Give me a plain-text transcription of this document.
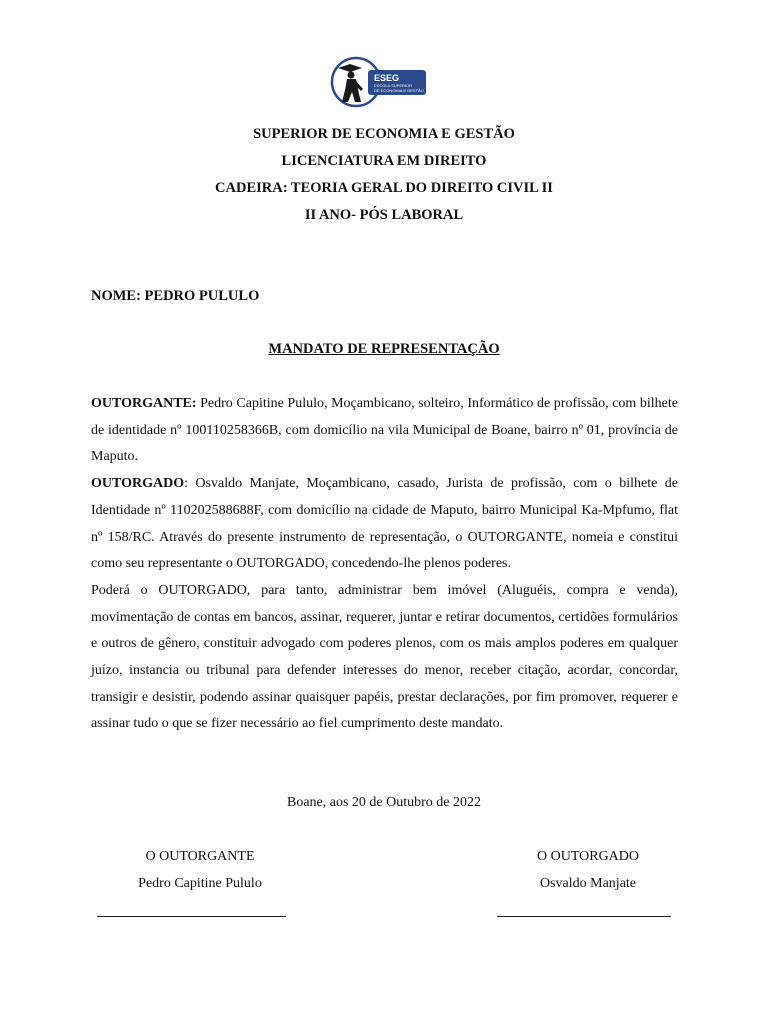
ESEG
ESCOLA SUPERIOR
DE ECONOMIA E GESTÃO
SUPERIOR DE ECONOMIA E GESTÃO
LICENCIATURA EM DIREITO
CADEIRA: TEORIA GERAL DO DIREITO CIVIL II
II ANO- PÓS LABORAL
NOME: PEDRO PULULO
MANDATO DE REPRESENTAÇÃO

OUTORGANTE: Pedro Capitine Pululo, Moçambicano, solteiro, Informático de profissão, com bilhete de identidade nº 100110258366B, com domicílio na vila Municipal de Boane, bairro nº 01, província de Maputo.

OUTORGADO: Osvaldo Manjate, Moçambicano, casado, Jurista de profissão, com o bilhete de Identidade nº 110202588688F, com domicílio na cidade de Maputo, bairro Municipal Ka-Mpfumo, flat nº 158/RC. Através do presente instrumento de representação, o OUTORGANTE, nomeia e constitui como seu representante o OUTORGADO, concedendo-lhe plenos poderes.

Poderá o OUTORGADO, para tanto, administrar bem imóvel (Aluguéis, compra e venda), movimentação de contas em bancos, assinar, requerer, juntar e retirar documentos, certidões formulários e outros de gênero, constituir advogado com poderes plenos, com os mais amplos poderes em qualquer juízo, instancia ou tribunal para defender interesses do menor, receber citação, acordar, concordar, transigir e desistir, podendo assinar quaisquer papéis, prestar declarações, por fim promover, requerer e assinar tudo o que se fizer necessário ao fiel cumprimento deste mandato.

Boane, aos 20 de Outubro de 2022
O OUTORGANTE
Pedro Capitine Pululo
O OUTORGADO
Osvaldo Manjate
